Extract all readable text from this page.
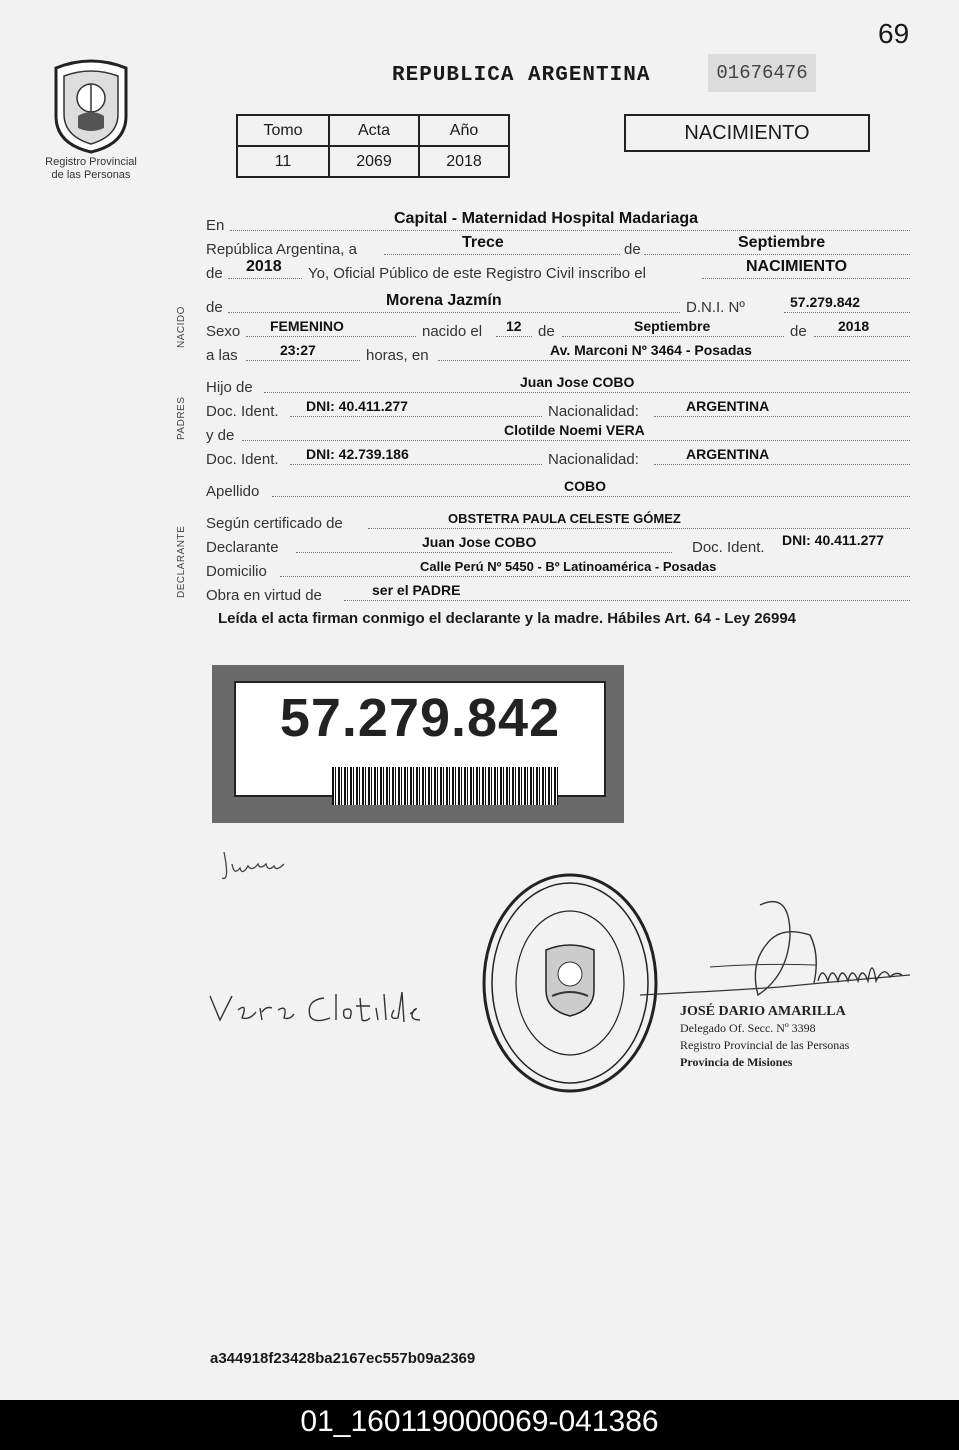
69
Registro Provincial
de las Personas
REPUBLICA ARGENTINA	01676476
Tomo	Acta	Año
11	2069	2018
NACIMIENTO
NACIDO
PADRES
DECLARANTE
En	Capital - Maternidad Hospital Madariaga
República Argentina, a	Trece	de	Septiembre
de 2018 Yo, Oficial Público de este Registro Civil inscribo el	NACIMIENTO
de	Morena Jazmín	D.N.I. Nº	57.279.842
Sexo FEMENINO	nacido el 12 de	Septiembre	de 2018
a las	23:27	horas, en	Av. Marconi Nº 3464 - Posadas
Hijo de	Juan Jose COBO
Doc. Ident. DNI: 40.411.277	Nacionalidad:	ARGENTINA
y de	Clotilde Noemi VERA
Doc. Ident. DNI: 42.739.186	Nacionalidad:	ARGENTINA
Apellido	COBO
Según certificado de	OBSTETRA PAULA CELESTE GÓMEZ
Declarante	Juan Jose COBO	Doc. Ident. DNI: 40.411.277
Domicilio	Calle Perú Nº 5450 - Bº Latinoamérica - Posadas
Obra en virtud de	ser el PADRE
Leída el acta firman conmigo el declarante y la madre. Hábiles Art. 64 - Ley 26994
57.279.842
JOSÉ DARIO AMARILLA
Delegado Of. Secc. Nº 3398
Registro Provincial de las Personas
Provincia de Misiones
a344918f23428ba2167ec557b09a2369
01_160119000069-041386
